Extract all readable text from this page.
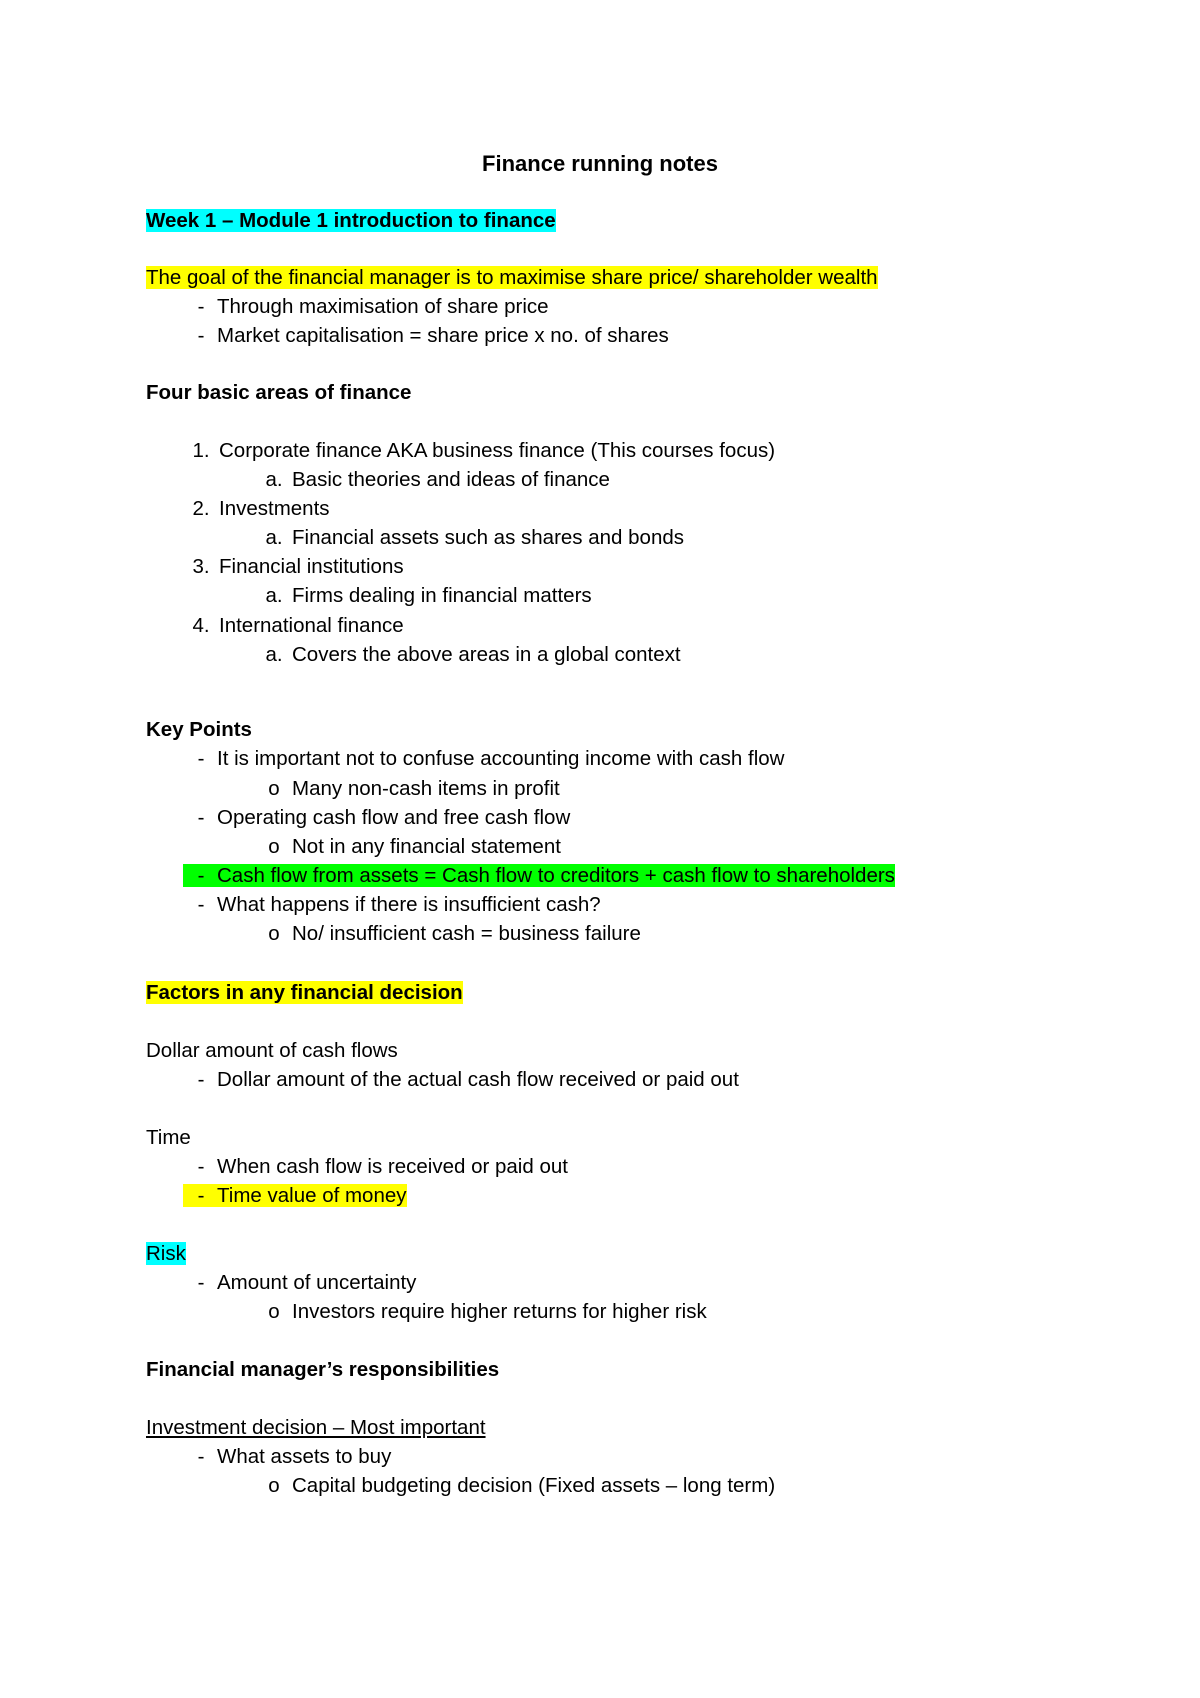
Finance running notes
Week 1 – Module 1 introduction to finance
The goal of the financial manager is to maximise share price/ shareholder wealth
- Through maximisation of share price
- Market capitalisation = share price x no. of shares
Four basic areas of finance
1. Corporate finance AKA business finance (This courses focus)
a. Basic theories and ideas of finance
2. Investments
a. Financial assets such as shares and bonds
3. Financial institutions
a. Firms dealing in financial matters
4. International finance
a. Covers the above areas in a global context
Key Points
- It is important not to confuse accounting income with cash flow
o Many non-cash items in profit
- Operating cash flow and free cash flow
o Not in any financial statement
- Cash flow from assets = Cash flow to creditors + cash flow to shareholders
- What happens if there is insufficient cash?
o No/ insufficient cash = business failure
Factors in any financial decision
Dollar amount of cash flows
- Dollar amount of the actual cash flow received or paid out
Time
- When cash flow is received or paid out
- Time value of money
Risk
- Amount of uncertainty
o Investors require higher returns for higher risk
Financial manager’s responsibilities
Investment decision – Most important
- What assets to buy
o Capital budgeting decision (Fixed assets – long term)
